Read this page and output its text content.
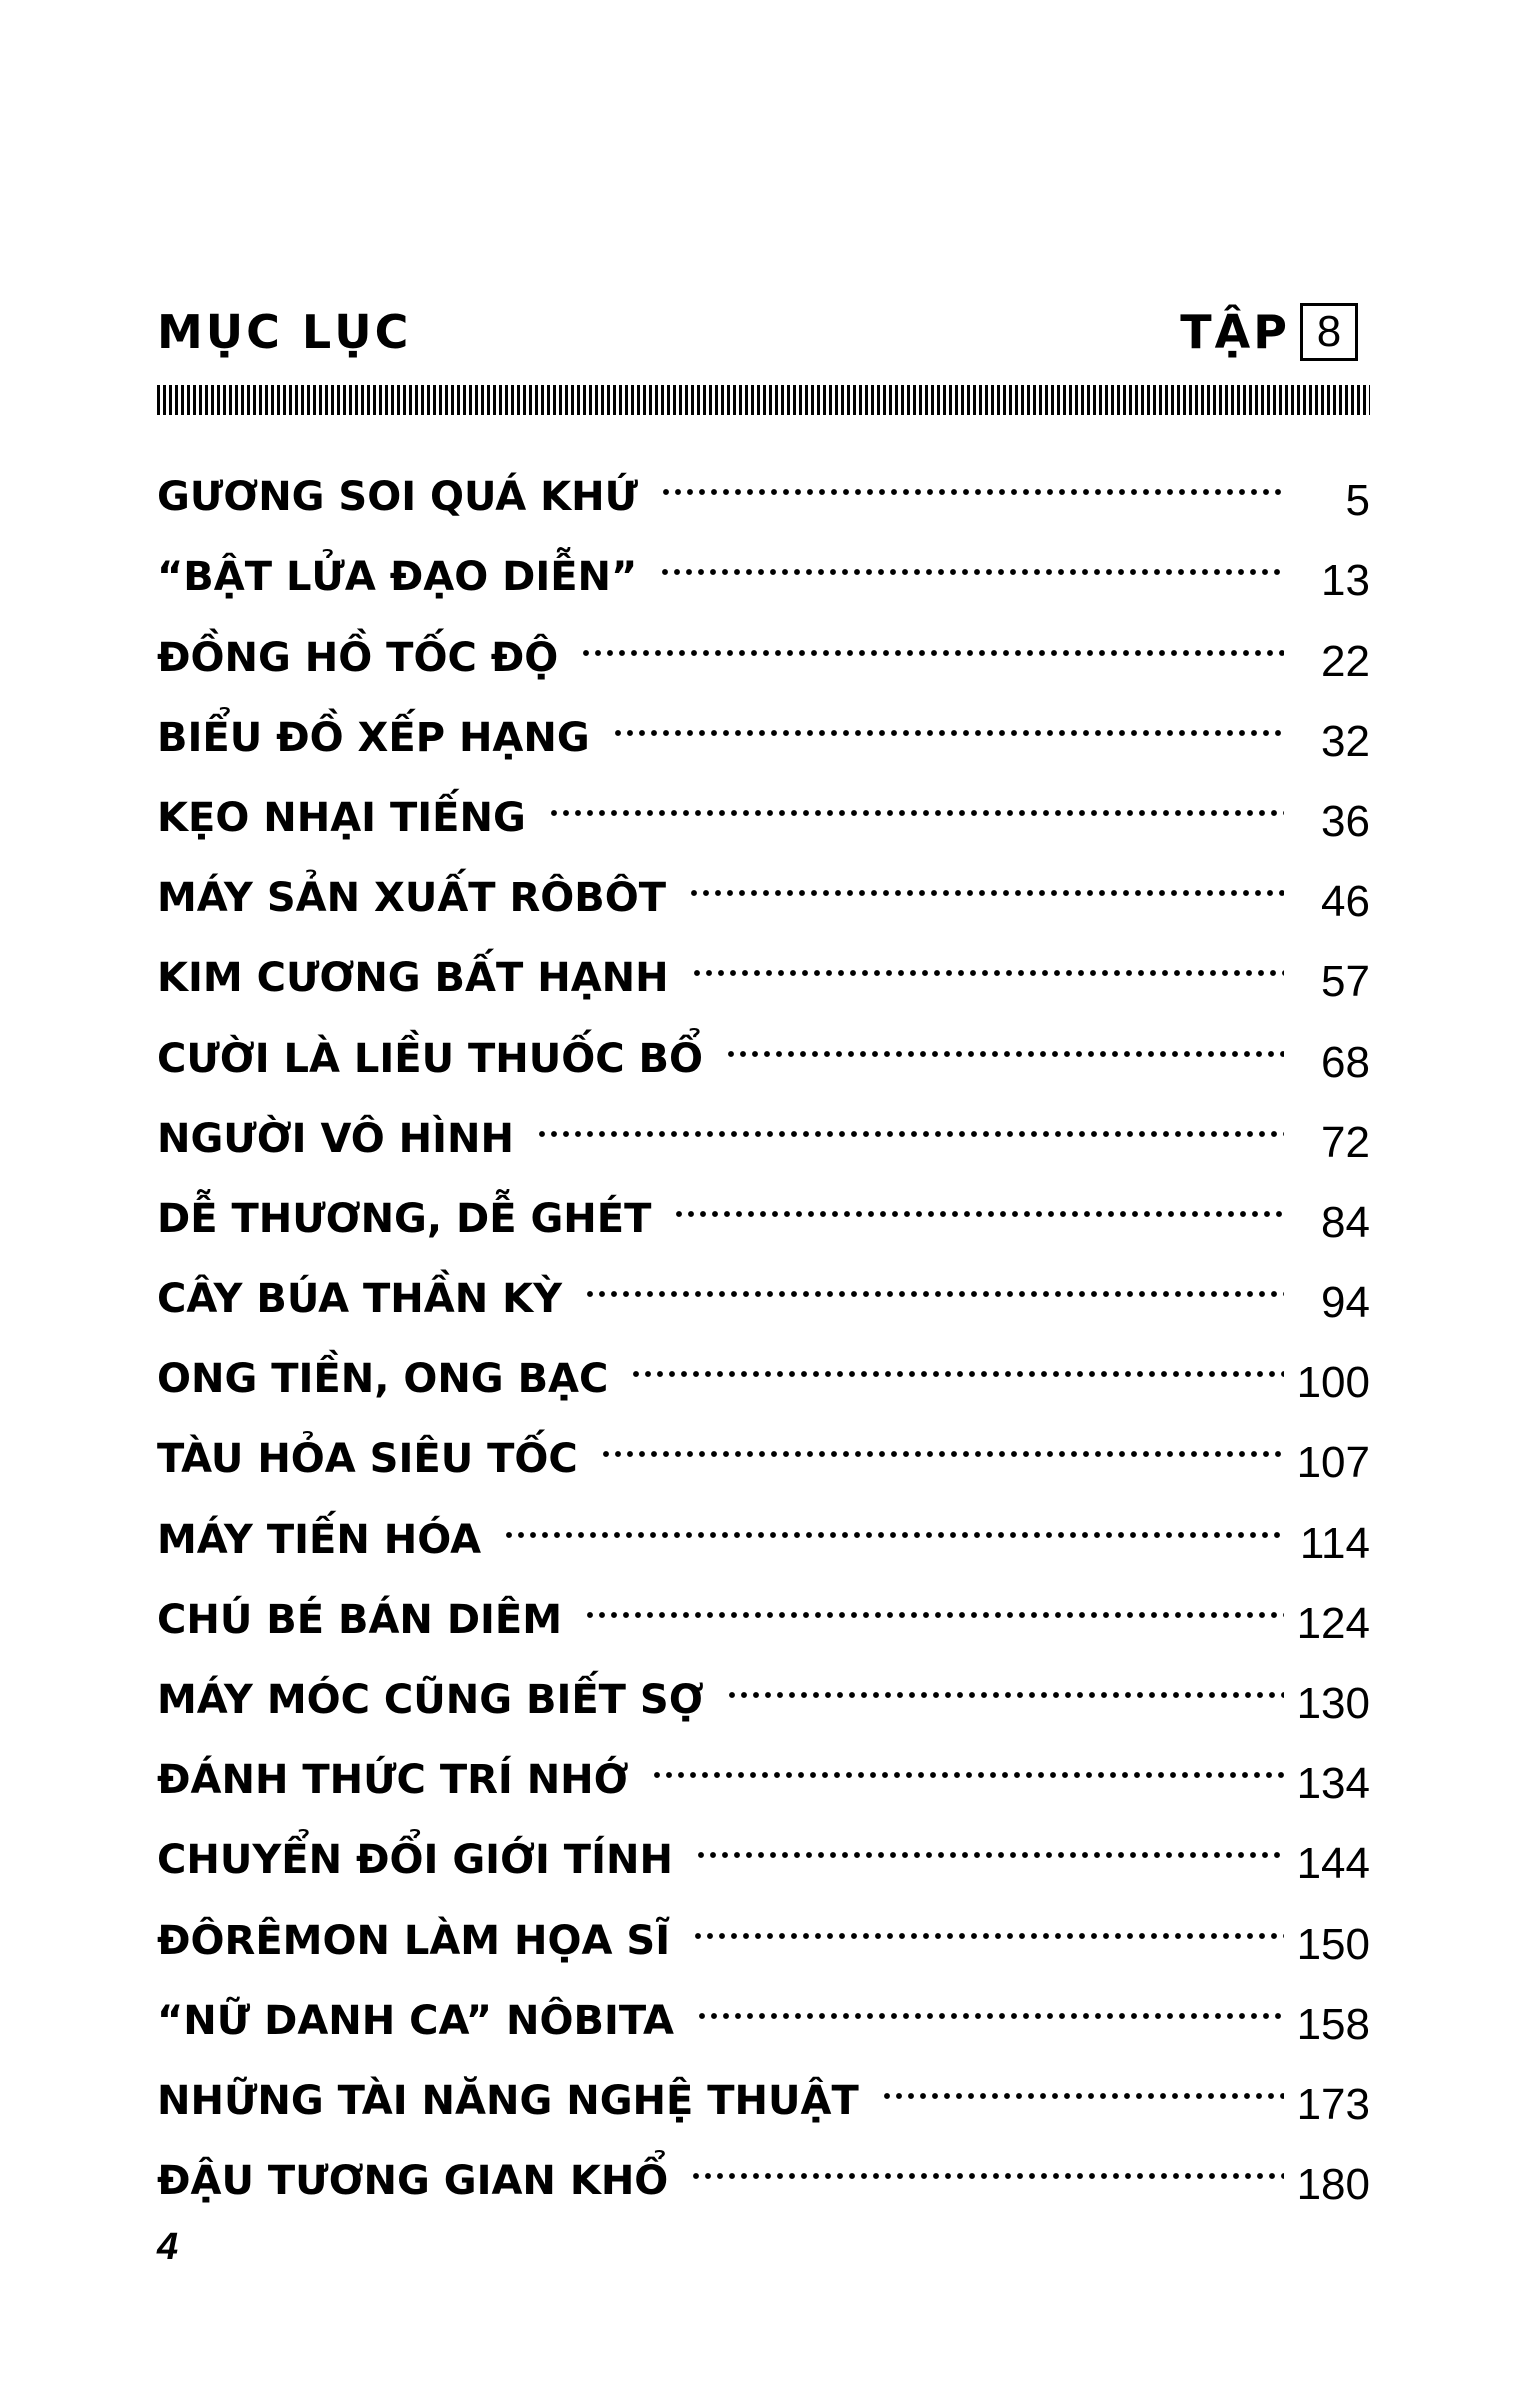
MỤC LỤC	TẬP 8
GƯƠNG SOI QUÁ KHỨ	5
“BẬT LỬA ĐẠO DIỄN”	13
ĐỒNG HỒ TỐC ĐỘ	22
BIỂU ĐỒ XẾP HẠNG	32
KẸO NHẠI TIẾNG	36
MÁY SẢN XUẤT RÔBÔT	46
KIM CƯƠNG BẤT HẠNH	57
CƯỜI LÀ LIỀU THUỐC BỔ	68
NGƯỜI VÔ HÌNH	72
DỄ THƯƠNG, DỄ GHÉT	84
CÂY BÚA THẦN KỲ	94
ONG TIỀN, ONG BẠC	100
TÀU HỎA SIÊU TỐC	107
MÁY TIẾN HÓA	114
CHÚ BÉ BÁN DIÊM	124
MÁY MÓC CŨNG BIẾT SỢ	130
ĐÁNH THỨC TRÍ NHỚ	134
CHUYỂN ĐỔI GIỚI TÍNH	144
ĐÔRÊMON LÀM HỌA SĨ	150
“NỮ DANH CA” NÔBITA	158
NHỮNG TÀI NĂNG NGHỆ THUẬT	173
ĐẬU TƯƠNG GIAN KHỔ	180
4
